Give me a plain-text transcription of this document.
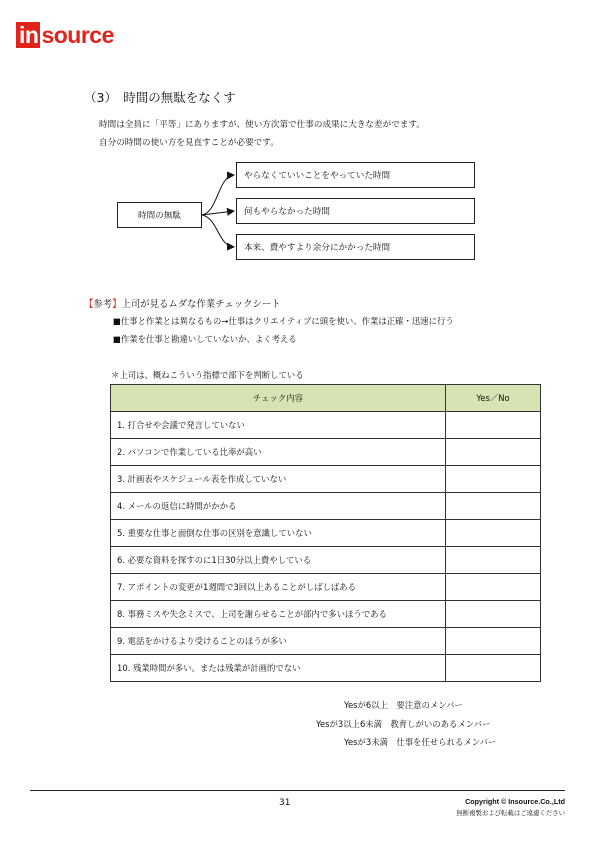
in source
（3）　時間の無駄をなくす
時間は全員に「平等」にありますが、使い方次第で仕事の成果に大きな差がでます。
自分の時間の使い方を見直すことが必要です。
時間の無駄
やらなくていいことをやっていた時間
何もやらなかった時間
本来、費やすより余分にかかった時間
【参考】上司が見るムダな作業チェックシート
■仕事と作業とは異なるもの→仕事はクリエイティブに頭を使い、作業は正確・迅速に行う
■作業を仕事と勘違いしていないか、よく考える
＊上司は、概ねこういう指標で部下を判断している
チェック内容	Yes／No
1. 打合せや会議で発言していない	
2. パソコンで作業している比率が高い	
3. 計画表やスケジュール表を作成していない	
4. メールの返信に時間がかかる	
5. 重要な仕事と面倒な仕事の区別を意識していない	
6. 必要な資料を探すのに1日30分以上費やしている	
7. アポイントの変更が1週間で3回以上あることがしばしばある	
8. 事務ミスや失念ミスで、上司を謝らせることが部内で多いほうである	
9. 電話をかけるより受けることのほうが多い	
10. 残業時間が多い。または残業が計画的でない	
Yesが6以上　要注意のメンバー
Yesが3以上6未満　教育しがいのあるメンバー
Yesが3未満　仕事を任せられるメンバー
31	Copyright © Insource.Co.,Ltd
無断複製および転載はご遠慮ください
